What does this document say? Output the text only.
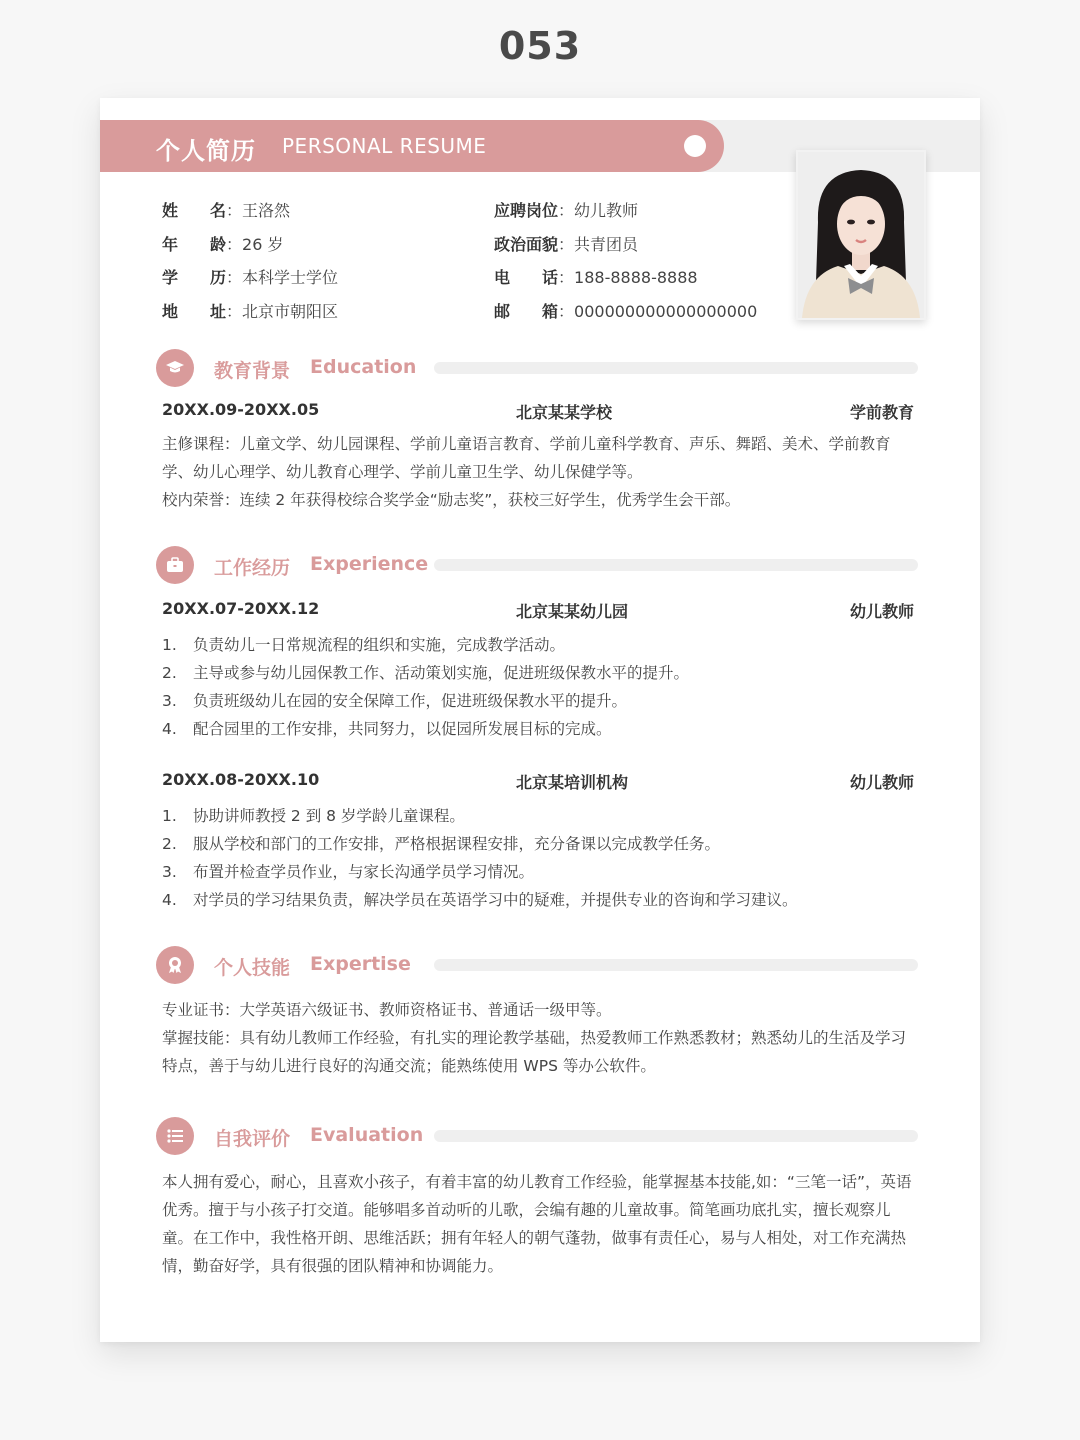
053
个人简历 PERSONAL RESUME
姓　　名：王洛然	应聘岗位：幼儿教师
年　　龄：26 岁	政治面貌：共青团员
学　　历：本科学士学位	电　　话：188-8888-8888
地　　址：北京市朝阳区	邮　　箱：000000000000000000
教育背景 Education
20XX.09-20XX.05	北京某某学校	学前教育
主修课程：儿童文学、幼儿园课程、学前儿童语言教育、学前儿童科学教育、声乐、舞蹈、美术、学前教育学、幼儿心理学、幼儿教育心理学、学前儿童卫生学、幼儿保健学等。
校内荣誉：连续 2 年获得校综合奖学金“励志奖”，获校三好学生，优秀学生会干部。
工作经历 Experience
20XX.07-20XX.12	北京某某幼儿园	幼儿教师
1. 负责幼儿一日常规流程的组织和实施，完成教学活动。
2. 主导或参与幼儿园保教工作、活动策划实施，促进班级保教水平的提升。
3. 负责班级幼儿在园的安全保障工作，促进班级保教水平的提升。
4. 配合园里的工作安排，共同努力，以促园所发展目标的完成。
20XX.08-20XX.10	北京某培训机构	幼儿教师
1. 协助讲师教授 2 到 8 岁学龄儿童课程。
2. 服从学校和部门的工作安排，严格根据课程安排，充分备课以完成教学任务。
3. 布置并检查学员作业，与家长沟通学员学习情况。
4. 对学员的学习结果负责，解决学员在英语学习中的疑难，并提供专业的咨询和学习建议。
个人技能 Expertise
专业证书：大学英语六级证书、教师资格证书、普通话一级甲等。
掌握技能：具有幼儿教师工作经验，有扎实的理论教学基础，热爱教师工作熟悉教材；熟悉幼儿的生活及学习特点，善于与幼儿进行良好的沟通交流；能熟练使用 WPS 等办公软件。
自我评价 Evaluation
本人拥有爱心，耐心，且喜欢小孩子，有着丰富的幼儿教育工作经验，能掌握基本技能,如：“三笔一话”，英语优秀。擅于与小孩子打交道。能够唱多首动听的儿歌，会编有趣的儿童故事。简笔画功底扎实，擅长观察儿童。在工作中，我性格开朗、思维活跃；拥有年轻人的朝气蓬勃，做事有责任心，易与人相处，对工作充满热情，勤奋好学，具有很强的团队精神和协调能力。
